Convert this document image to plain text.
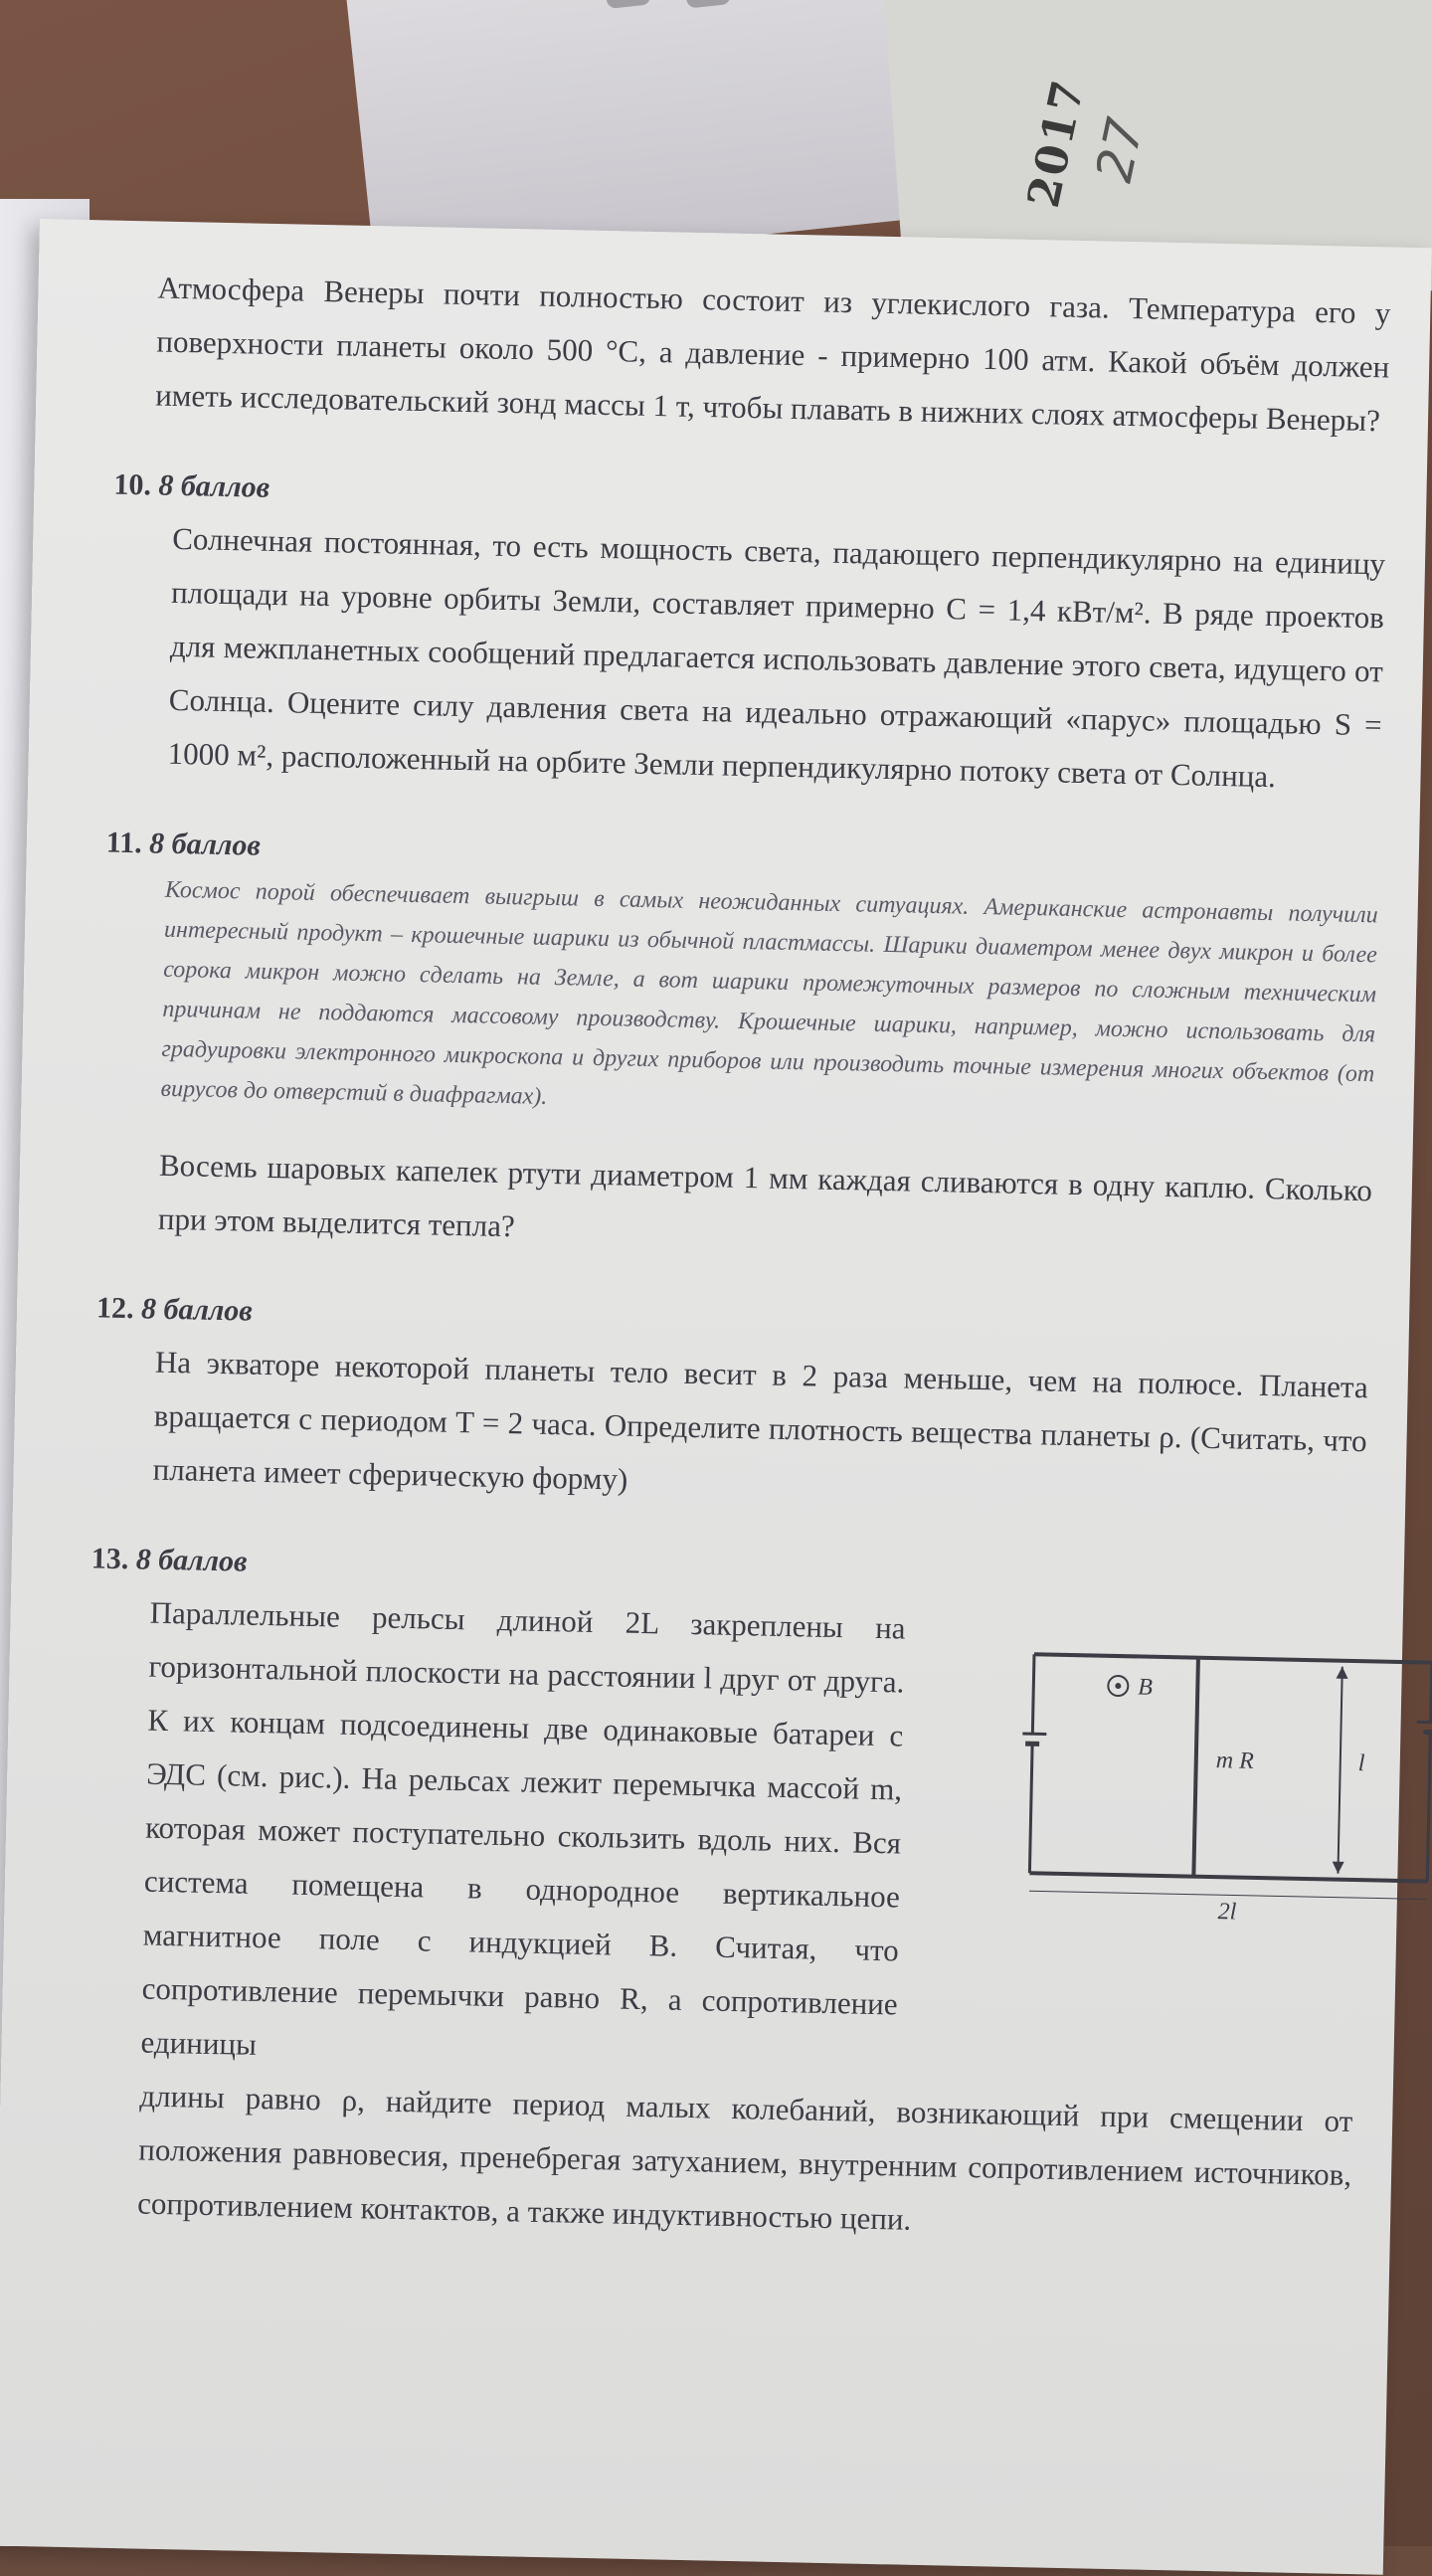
2017
27

Атмосфера Венеры почти полностью состоит из углекислого газа. Температура его у поверхности планеты около 500 °C, а давление - примерно 100 атм. Какой объём должен иметь исследовательский зонд массы 1 т, чтобы плавать в нижних слоях атмосферы Венеры?

10. 8 баллов

Солнечная постоянная, то есть мощность света, падающего перпендикулярно на единицу площади на уровне орбиты Земли, составляет примерно C = 1,4 кВт/м². В ряде проектов для межпланетных сообщений предлагается использовать давление этого света, идущего от Солнца. Оцените силу давления света на идеально отражающий «парус» площадью S = 1000 м², расположенный на орбите Земли перпендикулярно потоку света от Солнца.

11. 8 баллов

Космос порой обеспечивает выигрыш в самых неожиданных ситуациях. Американские астронавты получили интересный продукт – крошечные шарики из обычной пластмассы. Шарики диаметром менее двух микрон и более сорока микрон можно сделать на Земле, а вот шарики промежуточных размеров по сложным техническим причинам не поддаются массовому производству. Крошечные шарики, например, можно использовать для градуировки электронного микроскопа и других приборов или производить точные измерения многих объектов (от вирусов до отверстий в диафрагмах).

Восемь шаровых капелек ртути диаметром 1 мм каждая сливаются в одну каплю. Сколько при этом выделится тепла?

12. 8 баллов

На экваторе некоторой планеты тело весит в 2 раза меньше, чем на полюсе. Планета вращается с периодом T = 2 часа. Определите плотность вещества планеты ρ. (Считать, что планета имеет сферическую форму)

13. 8 баллов

Параллельные рельсы длиной 2L закреплены на горизонтальной плоскости на расстоянии l друг от друга. К их концам подсоединены две одинаковые батареи с ЭДС (см. рис.). На рельсах лежит перемычка массой m, которая может поступательно скользить вдоль них. Вся система помещена в однородное вертикальное магнитное поле с индукцией B. Считая, что сопротивление перемычки равно R, а сопротивление единицы

длины равно ρ, найдите период малых колебаний, возникающий при смещении от положения равновесия, пренебрегая затуханием, внутренним сопротивлением источников, сопротивлением контактов, а также индуктивностью цепи.

B
m R	l
2l
